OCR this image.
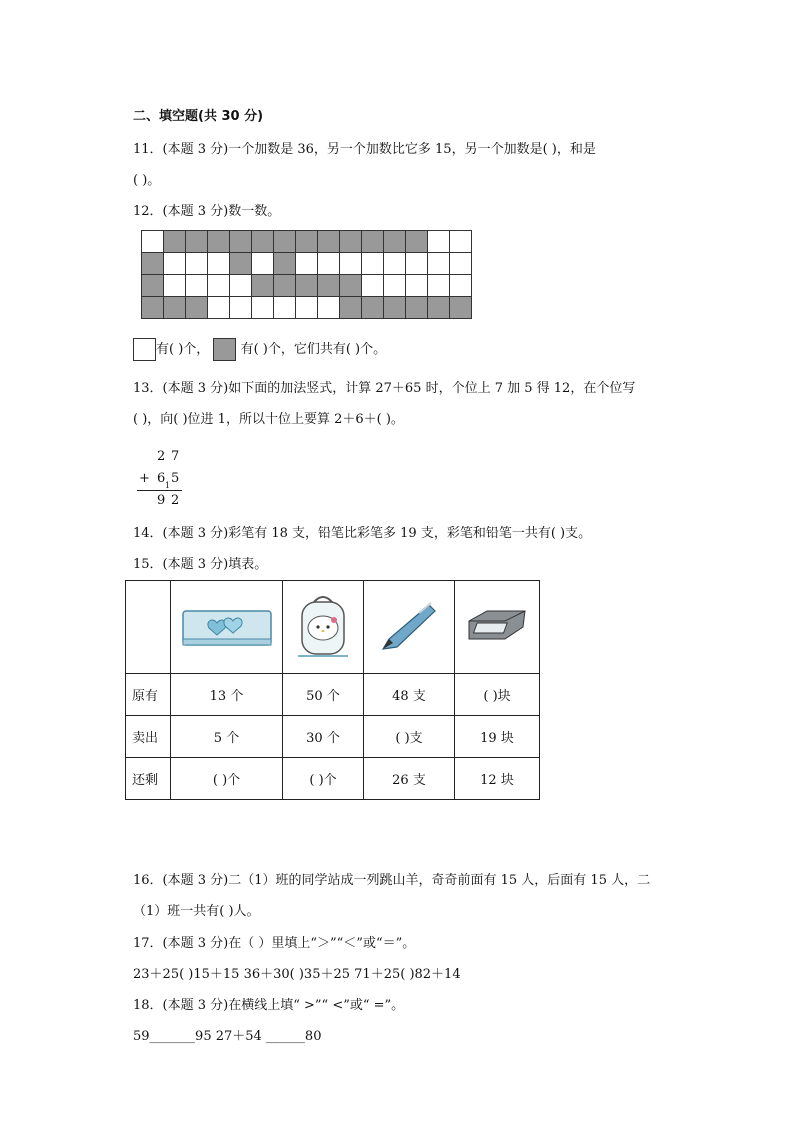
二、填空题(共 30 分)
11．(本题 3 分)一个加数是 36，另一个加数比它多 15，另一个加数是( )，和是
( )。
12．(本题 3 分)数一数。

有( )个， 有( )个，它们共有( )个。
13．(本题 3 分)如下面的加法竖式，计算 27＋65 时，个位上 7 加 5 得 12，在个位写
( )，向( )位进 1，所以十位上要算 2＋6＋( )。
2 7
+ 6 1 5
9 2
14．(本题 3 分)彩笔有 18 支，铅笔比彩笔多 19 支，彩笔和铅笔一共有( )支。
15．(本题 3 分)填表。

原有	13 个	50 个	48 支	( )块
卖出	5 个	30 个	( )支	19 块
还剩	( )个	( )个	26 支	12 块
16．(本题 3 分)二（1）班的同学站成一列跳山羊，奇奇前面有 15 人，后面有 15 人，二
（1）班一共有( )人。
17．(本题 3 分)在（ ）里填上“＞”“＜”或“＝”。
23＋25( )15＋15 36＋30( )35＋25 71＋25( )82＋14
18．(本题 3 分)在横线上填“ >”“ <”或“ =”。
59_______95 27＋54 ______80
